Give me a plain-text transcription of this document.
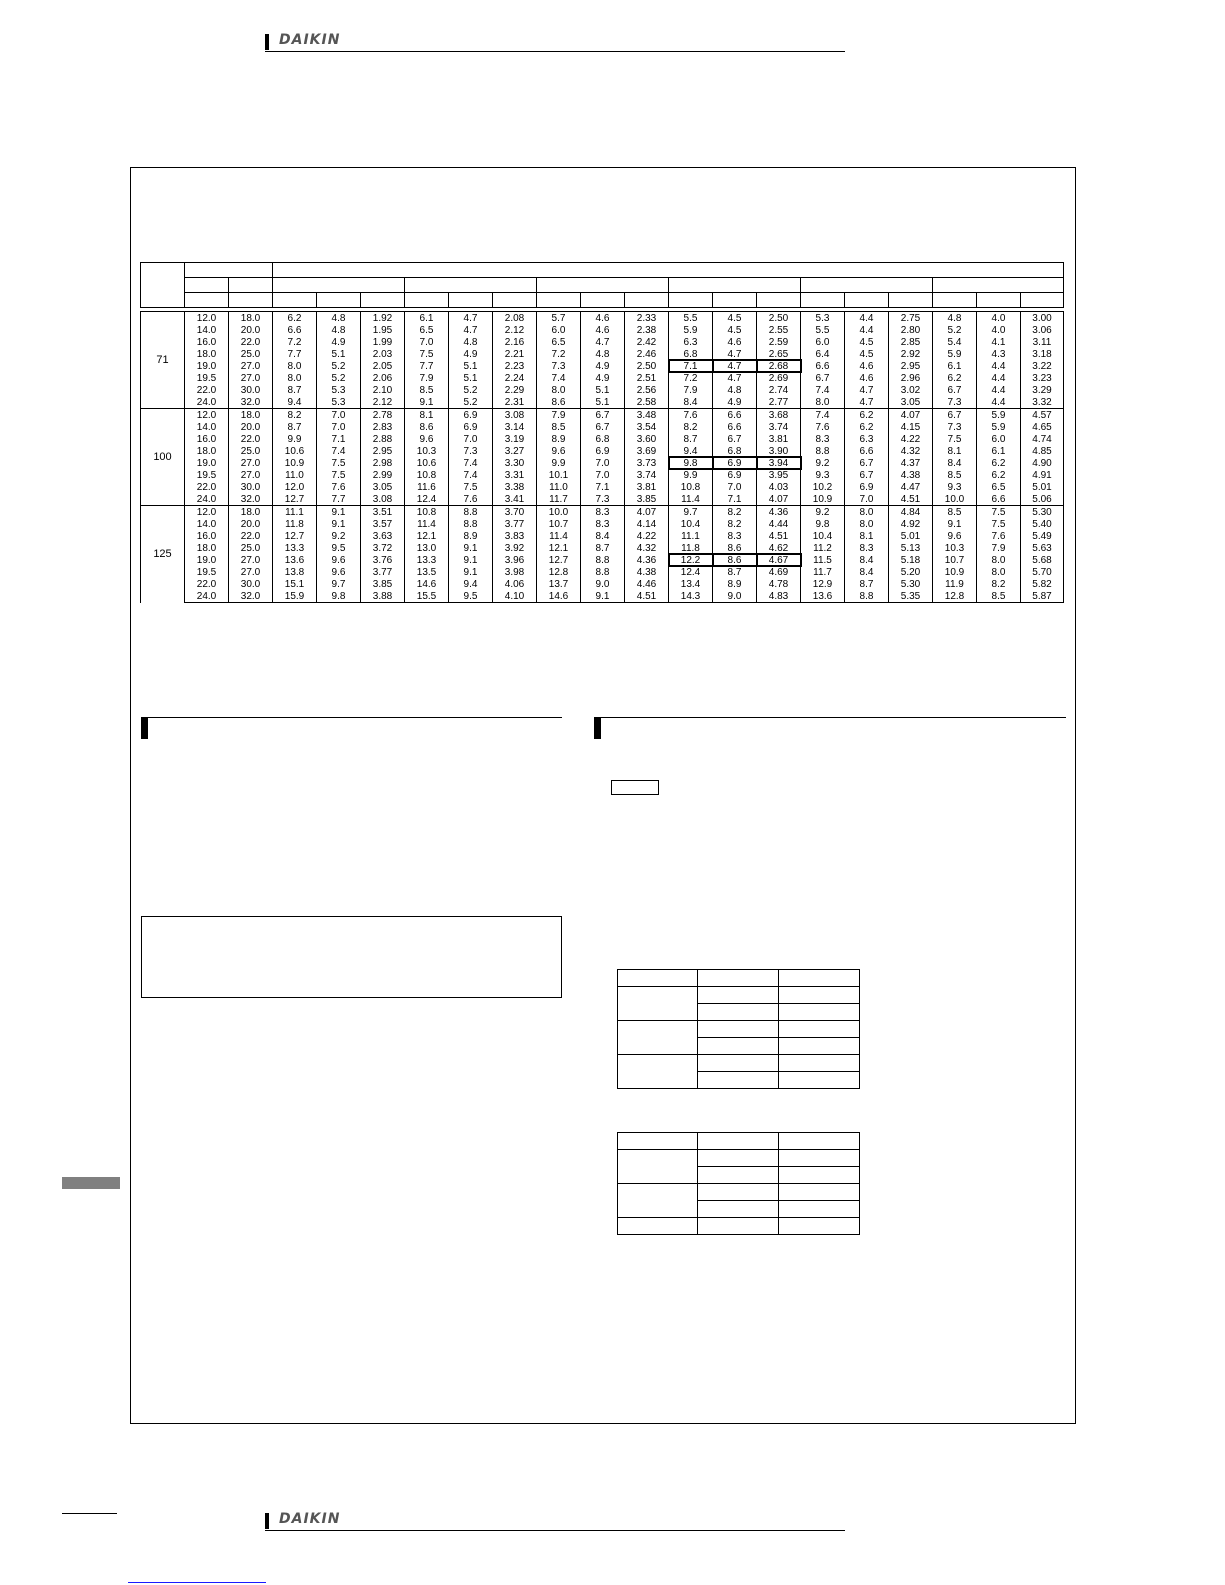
DAIKIN

71	12.0	18.0	6.2	4.8	1.92	6.1	4.7	2.08	5.7	4.6	2.33	5.5	4.5	2.50	5.3	4.4	2.75	4.8	4.0	3.00
	14.0	20.0	6.6	4.8	1.95	6.5	4.7	2.12	6.0	4.6	2.38	5.9	4.5	2.55	5.5	4.4	2.80	5.2	4.0	3.06
	16.0	22.0	7.2	4.9	1.99	7.0	4.8	2.16	6.5	4.7	2.42	6.3	4.6	2.59	6.0	4.5	2.85	5.4	4.1	3.11
	18.0	25.0	7.7	5.1	2.03	7.5	4.9	2.21	7.2	4.8	2.46	6.8	4.7	2.65	6.4	4.5	2.92	5.9	4.3	3.18
	19.0	27.0	8.0	5.2	2.05	7.7	5.1	2.23	7.3	4.9	2.50	7.1	4.7	2.68	6.6	4.6	2.95	6.1	4.4	3.22
	19.5	27.0	8.0	5.2	2.06	7.9	5.1	2.24	7.4	4.9	2.51	7.2	4.7	2.69	6.7	4.6	2.96	6.2	4.4	3.23
	22.0	30.0	8.7	5.3	2.10	8.5	5.2	2.29	8.0	5.1	2.56	7.9	4.8	2.74	7.4	4.7	3.02	6.7	4.4	3.29
	24.0	32.0	9.4	5.3	2.12	9.1	5.2	2.31	8.6	5.1	2.58	8.4	4.9	2.77	8.0	4.7	3.05	7.3	4.4	3.32
100	12.0	18.0	8.2	7.0	2.78	8.1	6.9	3.08	7.9	6.7	3.48	7.6	6.6	3.68	7.4	6.2	4.07	6.7	5.9	4.57
	14.0	20.0	8.7	7.0	2.83	8.6	6.9	3.14	8.5	6.7	3.54	8.2	6.6	3.74	7.6	6.2	4.15	7.3	5.9	4.65
	16.0	22.0	9.9	7.1	2.88	9.6	7.0	3.19	8.9	6.8	3.60	8.7	6.7	3.81	8.3	6.3	4.22	7.5	6.0	4.74
	18.0	25.0	10.6	7.4	2.95	10.3	7.3	3.27	9.6	6.9	3.69	9.4	6.8	3.90	8.8	6.6	4.32	8.1	6.1	4.85
	19.0	27.0	10.9	7.5	2.98	10.6	7.4	3.30	9.9	7.0	3.73	9.8	6.9	3.94	9.2	6.7	4.37	8.4	6.2	4.90
	19.5	27.0	11.0	7.5	2.99	10.8	7.4	3.31	10.1	7.0	3.74	9.9	6.9	3.95	9.3	6.7	4.38	8.5	6.2	4.91
	22.0	30.0	12.0	7.6	3.05	11.6	7.5	3.38	11.0	7.1	3.81	10.8	7.0	4.03	10.2	6.9	4.47	9.3	6.5	5.01
	24.0	32.0	12.7	7.7	3.08	12.4	7.6	3.41	11.7	7.3	3.85	11.4	7.1	4.07	10.9	7.0	4.51	10.0	6.6	5.06
125	12.0	18.0	11.1	9.1	3.51	10.8	8.8	3.70	10.0	8.3	4.07	9.7	8.2	4.36	9.2	8.0	4.84	8.5	7.5	5.30
	14.0	20.0	11.8	9.1	3.57	11.4	8.8	3.77	10.7	8.3	4.14	10.4	8.2	4.44	9.8	8.0	4.92	9.1	7.5	5.40
	16.0	22.0	12.7	9.2	3.63	12.1	8.9	3.83	11.4	8.4	4.22	11.1	8.3	4.51	10.4	8.1	5.01	9.6	7.6	5.49
	18.0	25.0	13.3	9.5	3.72	13.0	9.1	3.92	12.1	8.7	4.32	11.8	8.6	4.62	11.2	8.3	5.13	10.3	7.9	5.63
	19.0	27.0	13.6	9.6	3.76	13.3	9.1	3.96	12.7	8.8	4.36	12.2	8.6	4.67	11.5	8.4	5.18	10.7	8.0	5.68
	19.5	27.0	13.8	9.6	3.77	13.5	9.1	3.98	12.8	8.8	4.38	12.4	8.7	4.69	11.7	8.4	5.20	10.9	8.0	5.70
	22.0	30.0	15.1	9.7	3.85	14.6	9.4	4.06	13.7	9.0	4.46	13.4	8.9	4.78	12.9	8.7	5.30	11.9	8.2	5.82
	24.0	32.0	15.9	9.8	3.88	15.5	9.5	4.10	14.6	9.1	4.51	14.3	9.0	4.83	13.6	8.8	5.35	12.8	8.5	5.87

DAIKIN
